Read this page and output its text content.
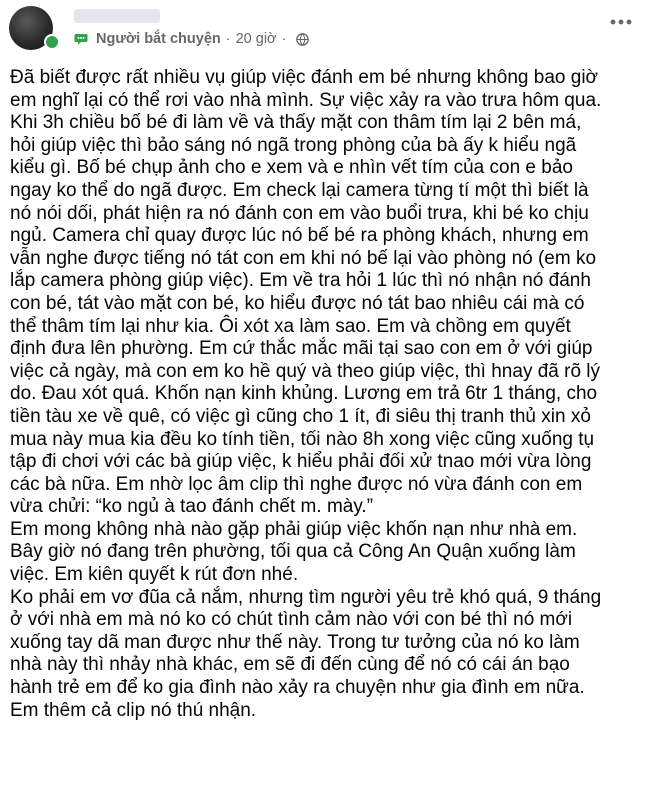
Người bắt chuyện · 20 giờ ·

Đã biết được rất nhiều vụ giúp việc đánh em bé nhưng không bao giờ

em nghĩ lại có thể rơi vào nhà mình. Sự việc xảy ra vào trưa hôm qua.

Khi 3h chiều bố bé đi làm về và thấy mặt con thâm tím lại 2 bên má,

hỏi giúp việc thì bảo sáng nó ngã trong phòng của bà ấy k hiểu ngã

kiểu gì. Bố bé chụp ảnh cho e xem và e nhìn vết tím của con e bảo

ngay ko thể do ngã được. Em check lại camera từng tí một thì biết là

nó nói dối, phát hiện ra nó đánh con em vào buổi trưa, khi bé ko chịu

ngủ. Camera chỉ quay được lúc nó bế bé ra phòng khách, nhưng em

vẫn nghe được tiếng nó tát con em khi nó bế lại vào phòng nó (em ko

lắp camera phòng giúp việc). Em về tra hỏi 1 lúc thì nó nhận nó đánh

con bé, tát vào mặt con bé, ko hiểu được nó tát bao nhiêu cái mà có

thể thâm tím lại như kia. Ôi xót xa làm sao. Em và chồng em quyết

định đưa lên phường. Em cứ thắc mắc mãi tại sao con em ở với giúp

việc cả ngày, mà con em ko hề quý và theo giúp việc, thì hnay đã rõ lý

do. Đau xót quá. Khốn nạn kinh khủng. Lương em trả 6tr 1 tháng, cho

tiền tàu xe về quê, có việc gì cũng cho 1 ít, đi siêu thị tranh thủ xin xỏ

mua này mua kia đều ko tính tiền, tối nào 8h xong việc cũng xuống tụ

tập đi chơi với các bà giúp việc, k hiểu phải đối xử tnao mới vừa lòng

các bà nữa. Em nhờ lọc âm clip thì nghe được nó vừa đánh con em

vừa chửi: “ko ngủ à tao đánh chết m. mày.”

Em mong không nhà nào gặp phải giúp việc khốn nạn như nhà em.

Bây giờ nó đang trên phường, tối qua cả Công An Quận xuống làm

việc. Em kiên quyết k rút đơn nhé.

Ko phải em vơ đũa cả nắm, nhưng tìm người yêu trẻ khó quá, 9 tháng

ở với nhà em mà nó ko có chút tình cảm nào với con bé thì nó mới

xuống tay dã man được như thế này. Trong tư tưởng của nó ko làm

nhà này thì nhảy nhà khác, em sẽ đi đến cùng để nó có cái án bạo

hành trẻ em để ko gia đình nào xảy ra chuyện như gia đình em nữa.

Em thêm cả clip nó thú nhận.
